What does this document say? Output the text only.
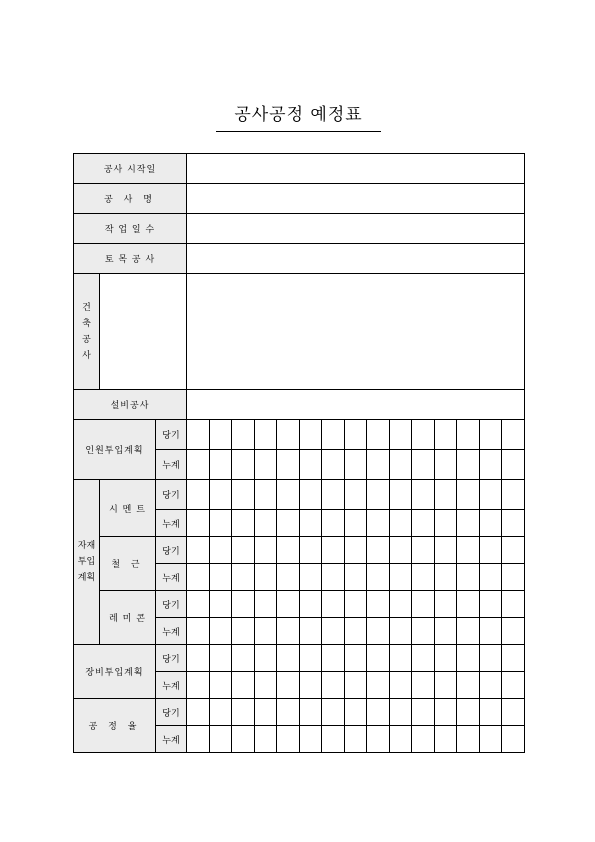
공사공정 예정표
공사 시작일																	
공 사 명																	
작 업 일 수																	
토 목 공 사																	

건
축
공
사																	

설비공사																	
인원투입계획		당기															
		누계															

자재
투입
계획	시 멘 트	당기															
		누계															
	철 근	당기															
		누계															
	레 미 콘	당기															
		누계															
장비투입계획		당기															
		누계															
공 정 율		당기															
		누계															
